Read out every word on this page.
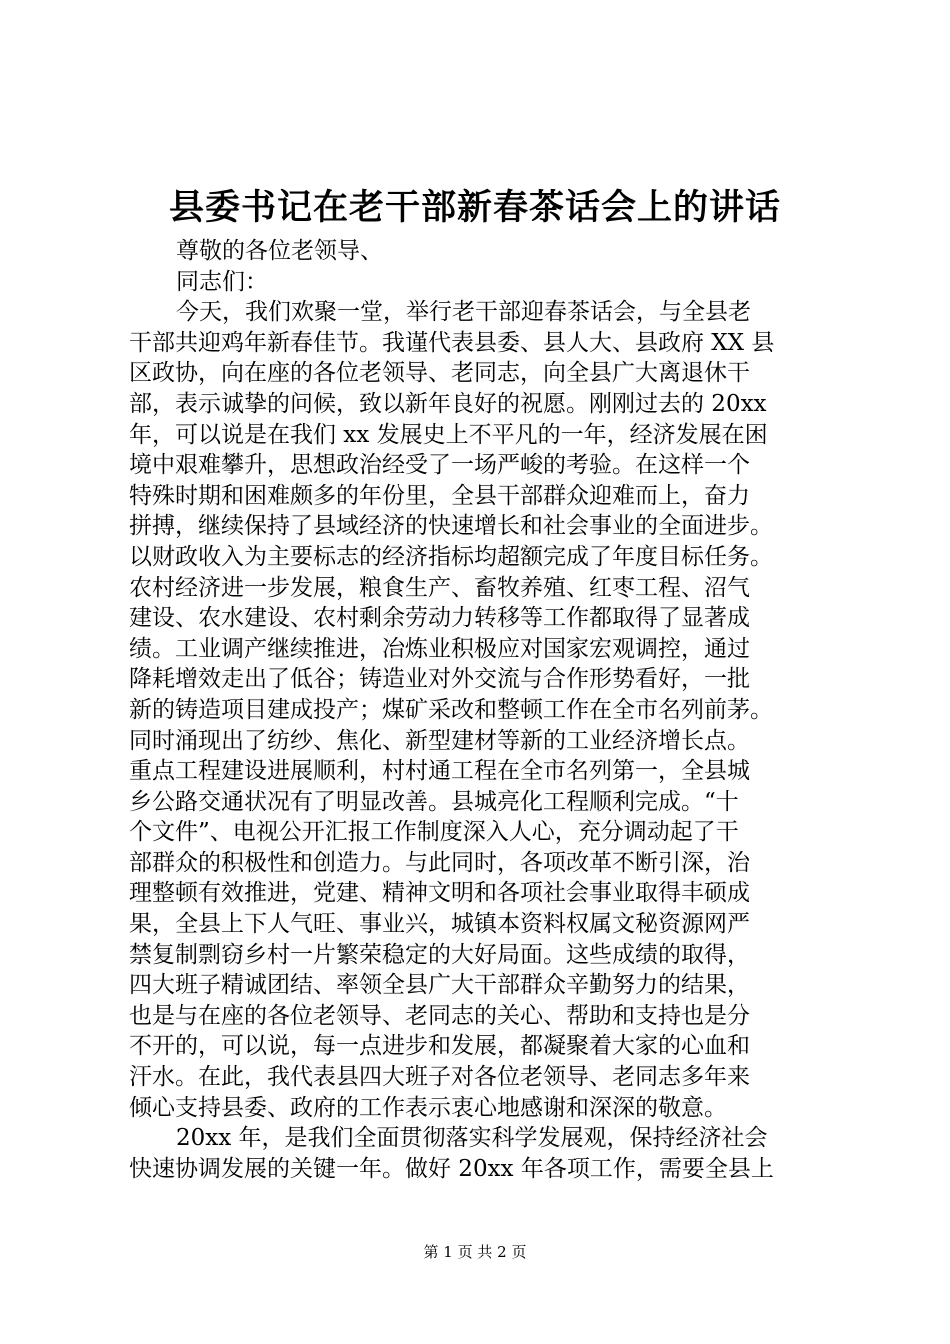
县委书记在老干部新春茶话会上的讲话
尊敬的各位老领导、
同志们：
今天，我们欢聚一堂，举行老干部迎春茶话会，与全县老
干部共迎鸡年新春佳节。我谨代表县委、县人大、县政府 XX 县
区政协，向在座的各位老领导、老同志，向全县广大离退休干
部，表示诚挚的问候，致以新年良好的祝愿。刚刚过去的 20xx
年，可以说是在我们 xx 发展史上不平凡的一年，经济发展在困
境中艰难攀升，思想政治经受了一场严峻的考验。在这样一个
特殊时期和困难颇多的年份里，全县干部群众迎难而上，奋力
拼搏，继续保持了县域经济的快速增长和社会事业的全面进步。
以财政收入为主要标志的经济指标均超额完成了年度目标任务。
农村经济进一步发展，粮食生产、畜牧养殖、红枣工程、沼气
建设、农水建设、农村剩余劳动力转移等工作都取得了显著成
绩。工业调产继续推进，冶炼业积极应对国家宏观调控，通过
降耗增效走出了低谷；铸造业对外交流与合作形势看好，一批
新的铸造项目建成投产；煤矿采改和整顿工作在全市名列前茅。
同时涌现出了纺纱、焦化、新型建材等新的工业经济增长点。
重点工程建设进展顺利，村村通工程在全市名列第一，全县城
乡公路交通状况有了明显改善。县城亮化工程顺利完成。“十
个文件”、电视公开汇报工作制度深入人心，充分调动起了干
部群众的积极性和创造力。与此同时，各项改革不断引深，治
理整顿有效推进，党建、精神文明和各项社会事业取得丰硕成
果，全县上下人气旺、事业兴，城镇本资料权属文秘资源网严
禁复制剽窃乡村一片繁荣稳定的大好局面。这些成绩的取得，
四大班子精诚团结、率领全县广大干部群众辛勤努力的结果，
也是与在座的各位老领导、老同志的关心、帮助和支持也是分
不开的，可以说，每一点进步和发展，都凝聚着大家的心血和
汗水。在此，我代表县四大班子对各位老领导、老同志多年来
倾心支持县委、政府的工作表示衷心地感谢和深深的敬意。
20xx 年，是我们全面贯彻落实科学发展观，保持经济社会
快速协调发展的关键一年。做好 20xx 年各项工作，需要全县上
第 1 页 共 2 页
